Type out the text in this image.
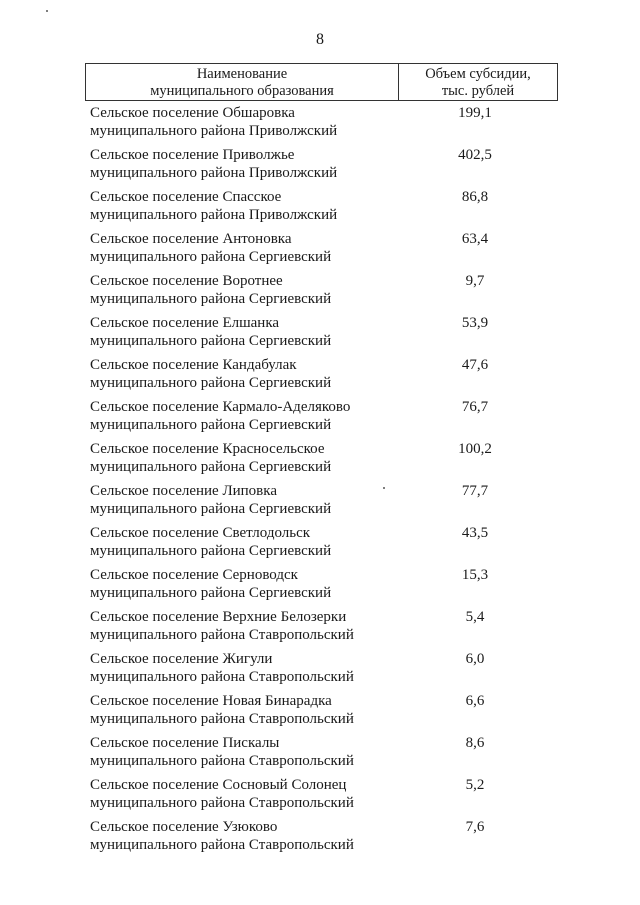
8
Наименование
муниципального образования
Объем субсидии,
тыс. рублей
Сельское поселение Обшаровка
муниципального района Приволжский
199,1
Сельское поселение Приволжье
муниципального района Приволжский
402,5
Сельское поселение Спасское
муниципального района Приволжский
86,8
Сельское поселение Антоновка
муниципального района Сергиевский
63,4
Сельское поселение Воротнее
муниципального района Сергиевский
9,7
Сельское поселение Елшанка
муниципального района Сергиевский
53,9
Сельское поселение Кандабулак
муниципального района Сергиевский
47,6
Сельское поселение Кармало-Аделяково
муниципального района Сергиевский
76,7
Сельское поселение Красносельское
муниципального района Сергиевский
100,2
Сельское поселение Липовка
муниципального района Сергиевский
77,7
Сельское поселение Светлодольск
муниципального района Сергиевский
43,5
Сельское поселение Серноводск
муниципального района Сергиевский
15,3
Сельское поселение Верхние Белозерки
муниципального района Ставропольский
5,4
Сельское поселение Жигули
муниципального района Ставропольский
6,0
Сельское поселение Новая Бинарадка
муниципального района Ставропольский
6,6
Сельское поселение Пискалы
муниципального района Ставропольский
8,6
Сельское поселение Сосновый Солонец
муниципального района Ставропольский
5,2
Сельское поселение Узюково
муниципального района Ставропольский
7,6
